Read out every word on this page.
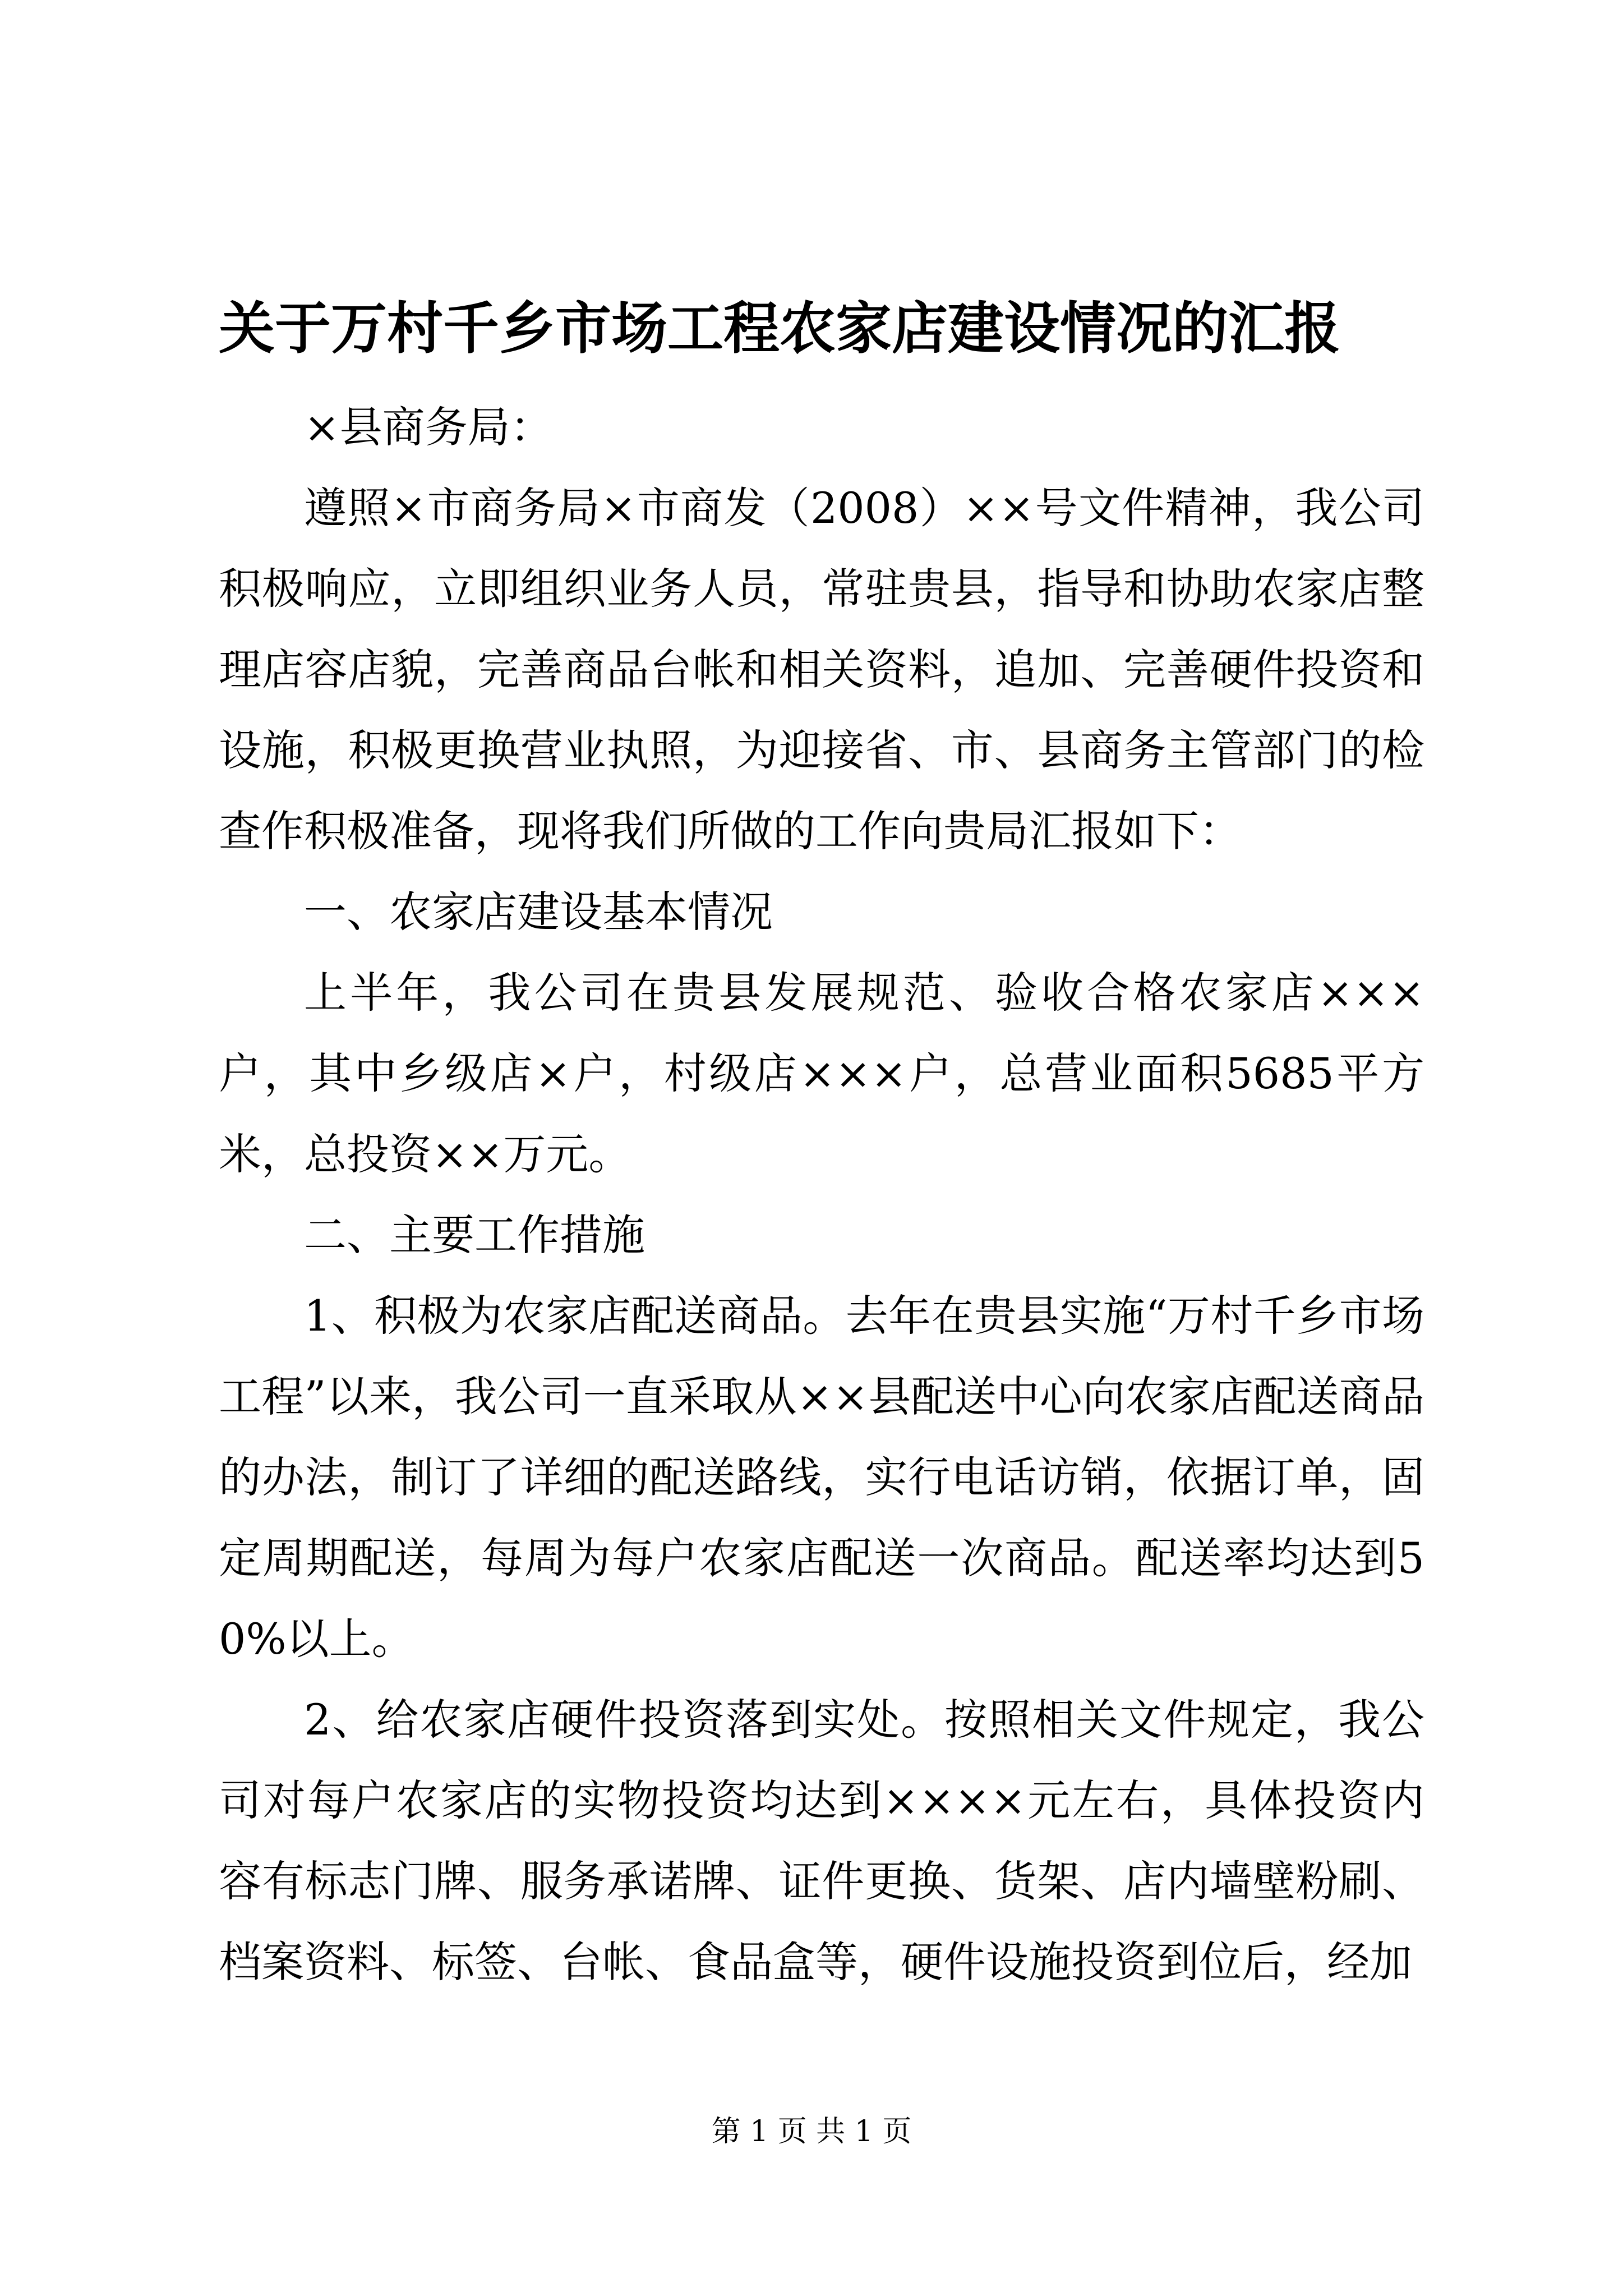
关于万村千乡市场工程农家店建设情况的汇报

×县商务局：

遵照×市商务局×市商发（2008）××号文件精神，我公司积极响应，立即组织业务人员，常驻贵县，指导和协助农家店整理店容店貌，完善商品台帐和相关资料，追加、完善硬件投资和设施，积极更换营业执照，为迎接省、市、县商务主管部门的检查作积极准备，现将我们所做的工作向贵局汇报如下：

一、农家店建设基本情况

上半年，我公司在贵县发展规范、验收合格农家店×××户，其中乡级店×户，村级店×××户，总营业面积5685平方米，总投资××万元。

二、主要工作措施

1、积极为农家店配送商品。去年在贵县实施“万村千乡市场工程”以来，我公司一直采取从××县配送中心向农家店配送商品的办法，制订了详细的配送路线，实行电话访销，依据订单，固定周期配送，每周为每户农家店配送一次商品。配送率均达到50%以上。

2、给农家店硬件投资落到实处。按照相关文件规定，我公司对每户农家店的实物投资均达到××××元左右，具体投资内容有标志门牌、服务承诺牌、证件更换、货架、店内墙壁粉刷、档案资料、标签、台帐、食品盒等，硬件设施投资到位后，经加

第 1 页 共 1 页
